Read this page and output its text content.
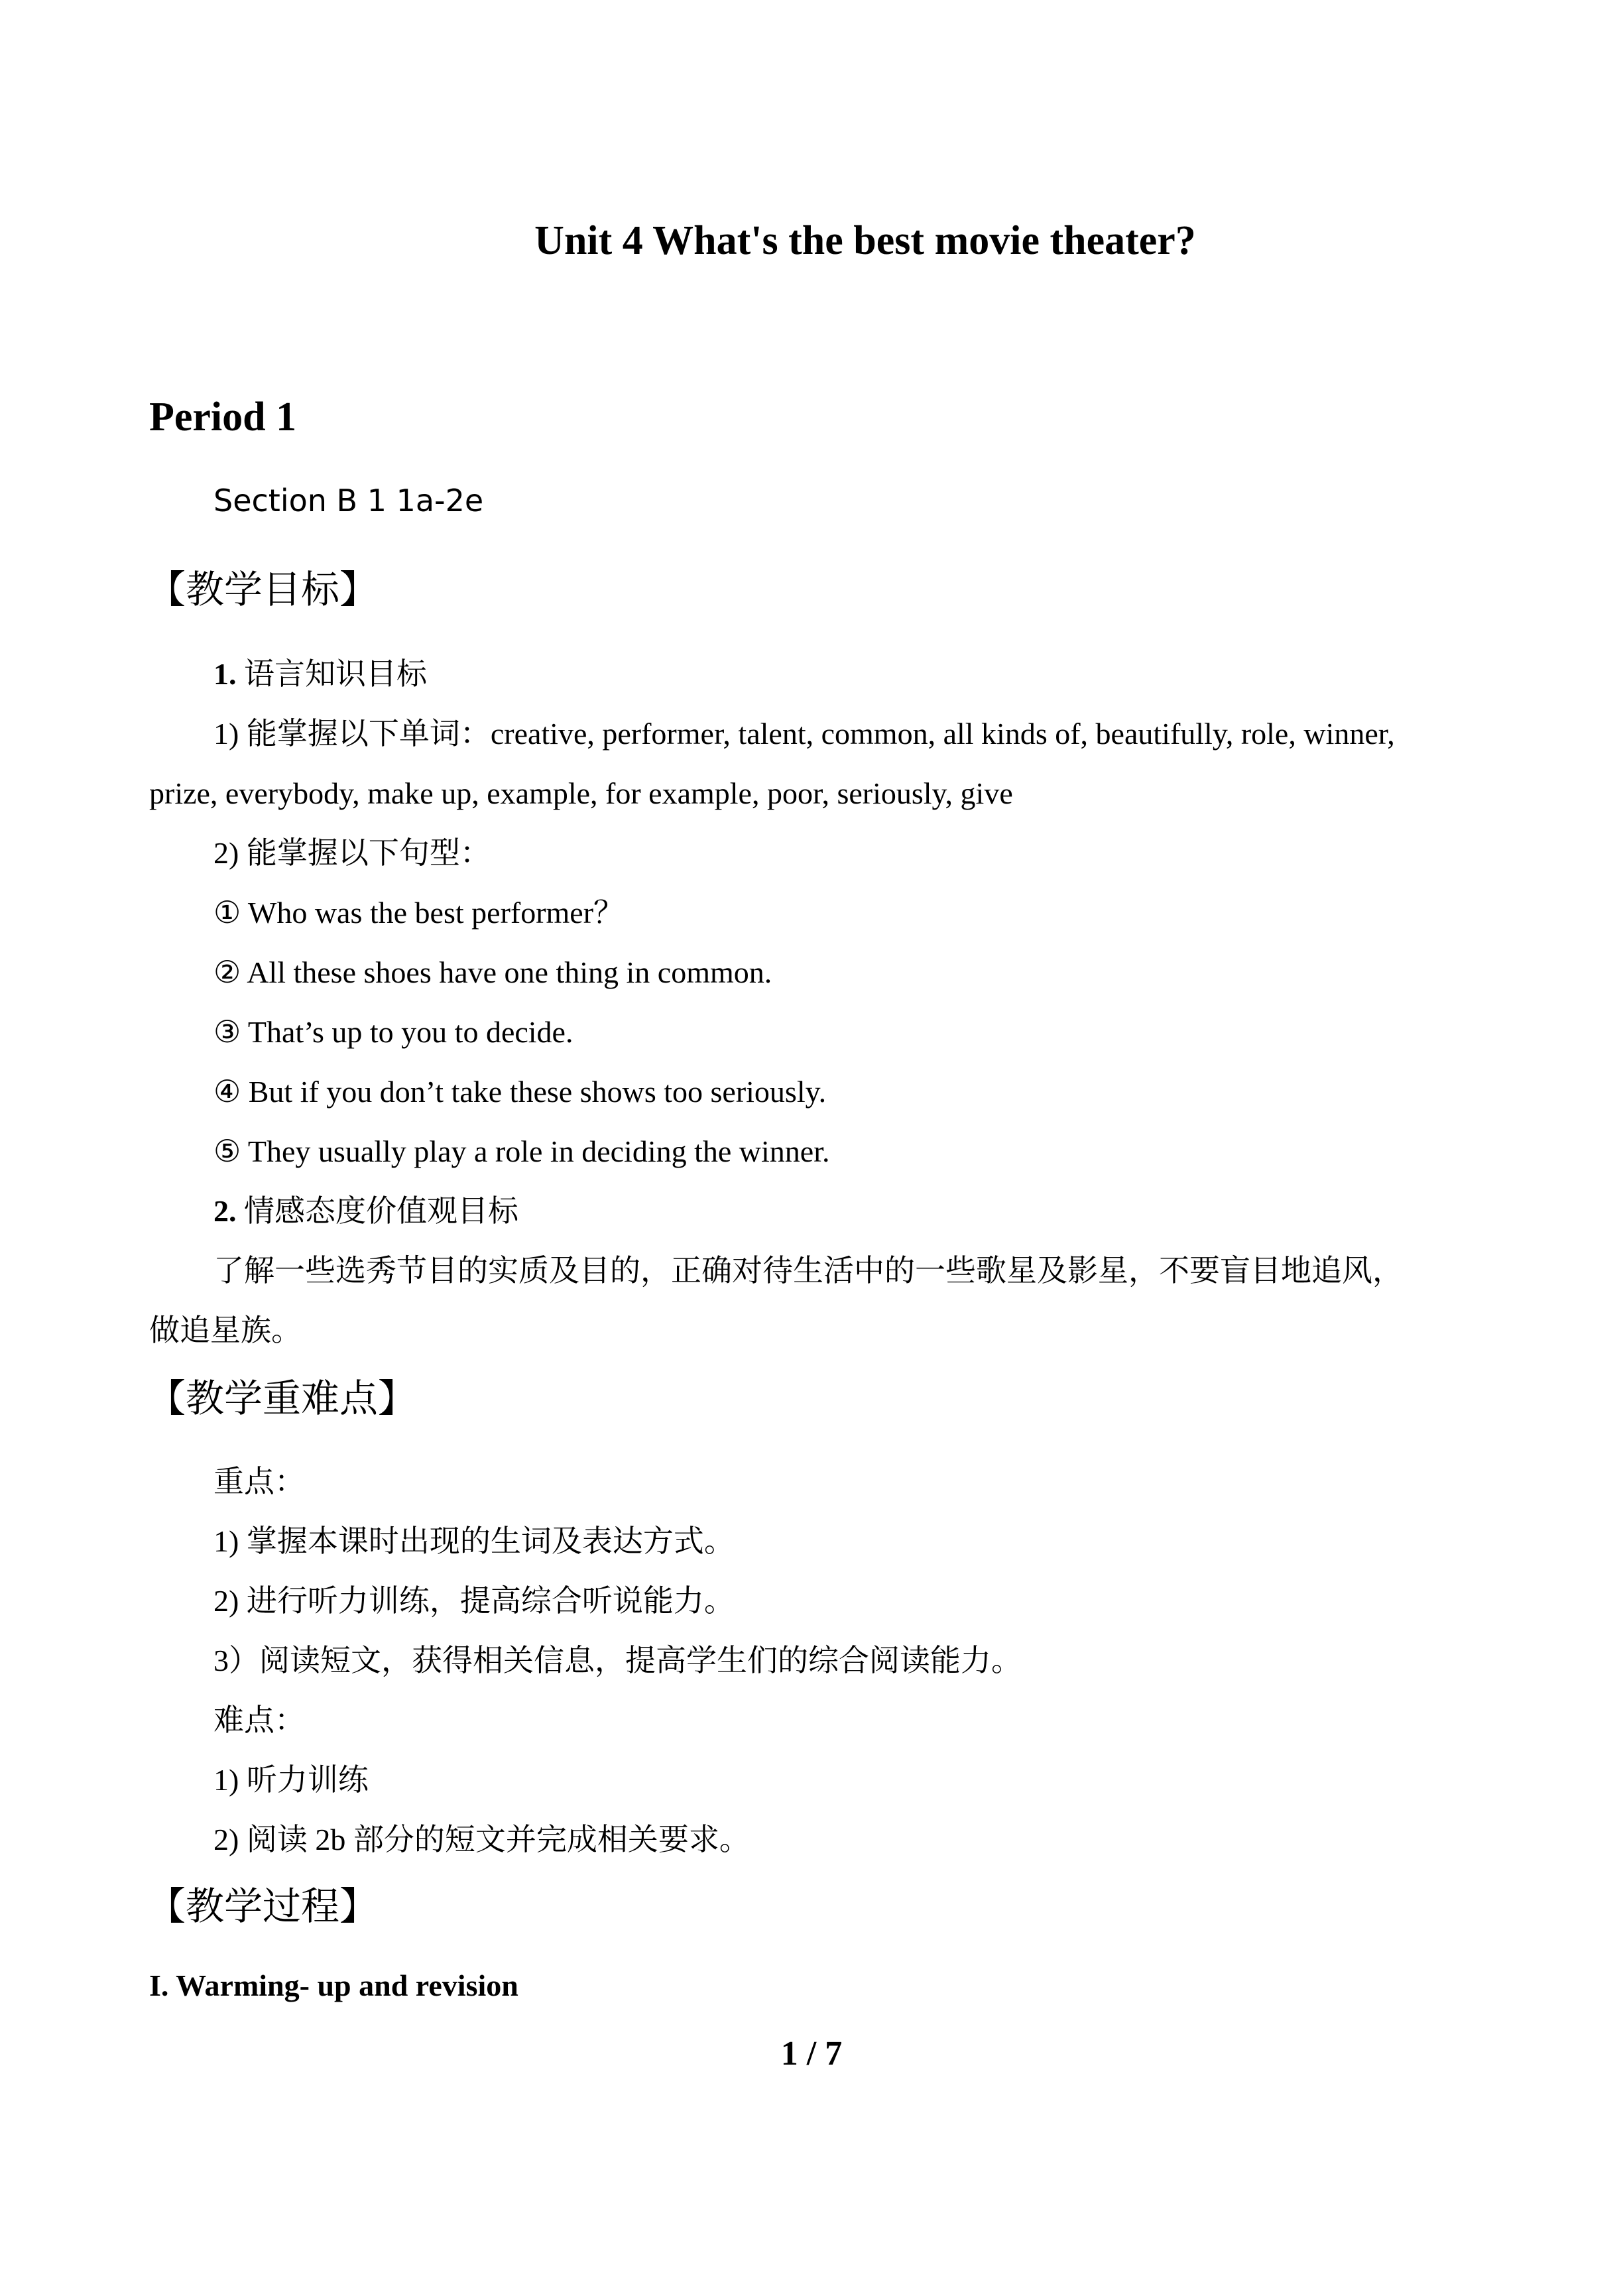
Unit 4 What's the best movie theater?
Period 1
Section B 1 1a-2e
【教学目标】
1. 语言知识目标
1) 能掌握以下单词：creative, performer, talent, common, all kinds of, beautifully, role, winner,
prize, everybody, make up, example, for example, poor, seriously, give
2) 能掌握以下句型：
① Who was the best performer？
② All these shoes have one thing in common.
③ That’s up to you to decide.
④ But if you don’t take these shows too seriously.
⑤ They usually play a role in deciding the winner.
2. 情感态度价值观目标
了解一些选秀节目的实质及目的，正确对待生活中的一些歌星及影星，不要盲目地追风，
做追星族。
【教学重难点】
重点：
1) 掌握本课时出现的生词及表达方式。
2) 进行听力训练，提高综合听说能力。
3）阅读短文，获得相关信息，提高学生们的综合阅读能力。
难点：
1) 听力训练
2) 阅读 2b 部分的短文并完成相关要求。
【教学过程】
I. Warming- up and revision
1 / 7
